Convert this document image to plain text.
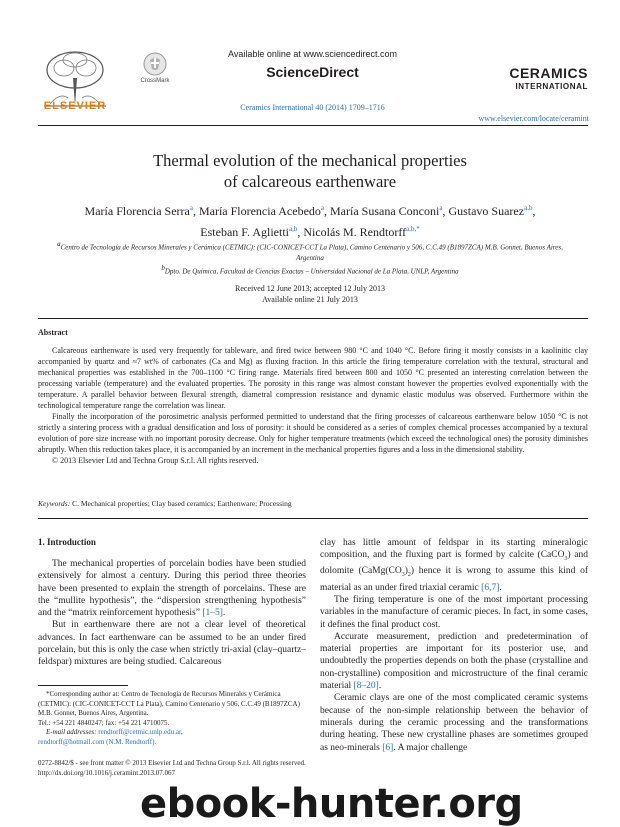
ELSEVIER
CrossMark
Available online at www.sciencedirect.com
ScienceDirect
Ceramics International 40 (2014) 1709–1716
CERAMICS
INTERNATIONAL
www.elsevier.com/locate/ceramint
Thermal evolution of the mechanical properties
of calcareous earthenware
María Florencia Serra$^a$, María Florencia Acebedo$^a$, María Susana Conconi$^a$, Gustavo Suarez$^{a,b}$,
Esteban F. Aglietti$^{a,b}$, Nicolás M. Rendtorff$^{a,b,*}$
$^a$Centro de Tecnología de Recursos Minerales y Cerámica (CETMIC): (CIC-CONICET-CCT La Plata), Camino Centenario y 506, C.C.49 (B1897ZCA) M.B. Gonnet, Buenos Aires, Argentina
$^b$Dpto. De Química, Facultad de Ciencias Exactas – Universidad Nacional de La Plata, UNLP, Argentina
Received 12 June 2013; accepted 12 July 2013
Available online 21 July 2013
Abstract

Calcareous earthenware is used very frequently for tableware, and fired twice between 980 °C and 1040 °C. Before firing it mostly consists in a kaolinitic clay accompanied by quartz and ≈7 wt% of carbonates (Ca and Mg) as fluxing fraction. In this article the firing temperature correlation with the textural, structural and mechanical properties was established in the 700–1100 °C firing range. Materials fired between 800 and 1050 °C presented an interesting correlation between the processing variable (temperature) and the evaluated properties. The porosity in this range was almost constant however the properties evolved exponentially with the temperature. A parallel behavior between flexural strength, diametral compression resistance and dynamic elastic modulus was observed. Furthermore within the technological temperature range the correlation was linear.

Finally the incorporation of the porosimetric analysis performed permitted to understand that the firing processes of calcareous earthenware below 1050 °C is not strictly a sintering process with a gradual densification and loss of porosity: it should be considered as a series of complex chemical processes accompanied by a textural evolution of pore size increase with no important porosity decrease. Only for higher temperature treatments (which exceed the technological ones) the porosity diminishes abruptly. When this reduction takes place, it is accompanied by an increment in the mechanical properties figures and a loss in the dimensional stability.

© 2013 Elsevier Ltd and Techna Group S.r.l. All rights reserved.

Keywords: C. Mechanical properties; Clay based ceramics; Earthenware; Processing
1. Introduction

The mechanical properties of porcelain bodies have been studied extensively for almost a century. During this period three theories have been presented to explain the strength of porcelains. These are the “mullite hypothesis”, the “dispersion strengthening hypothesis” and the “matrix reinforcement hypothesis” [1–5].

But in earthenware there are not a clear level of theoretical advances. In fact earthenware can be assumed to be an under fired porcelain, but this is only the case when strictly tri-axial (clay–quartz–feldspar) mixtures are being studied. Calcareous

clay has little amount of feldspar in its starting mineralogic composition, and the fluxing part is formed by calcite (CaCO$_3$) and dolomite $(CaMg(CO_3)_2)$ hence it is wrong to assume this kind of material as an under fired triaxial ceramic [6,7].

The firing temperature is one of the most important processing variables in the manufacture of ceramic pieces. In fact, in some cases, it defines the final product cost.

Accurate measurement, prediction and predetermination of material properties are important for its posterior use, and undoubtedly the properties depends on both the phase (crystalline and non-crystalline) composition and microstructure of the final ceramic material [8–20].

Ceramic clays are one of the most complicated ceramic systems because of the non-simple relationship between the behavior of minerals during the ceramic processing and the transformations during heating. These new crystalline phases are sometimes grouped as neo-minerals [6]. A major challenge

*Corresponding author at: Centro de Tecnología de Recursos Minerales y Cerámica (CETMIC): (CIC-CONICET-CCT La Plata), Camino Centenario y 506, C.C.49 (B1897ZCA) M.B. Gonnet, Buenos Aires, Argentina.
Tel.: +54 221 4840247; fax: +54 221 4710075.
E-mail addresses: rendtorff@cetmic.unlp.edu.ar,
rendtorff@hotmail.com (N.M. Rendtorff).
0272-8842/$ - see front matter © 2013 Elsevier Ltd and Techna Group S.r.l. All rights reserved.
http://dx.doi.org/10.1016/j.ceramint.2013.07.067
ebook-hunter.org
